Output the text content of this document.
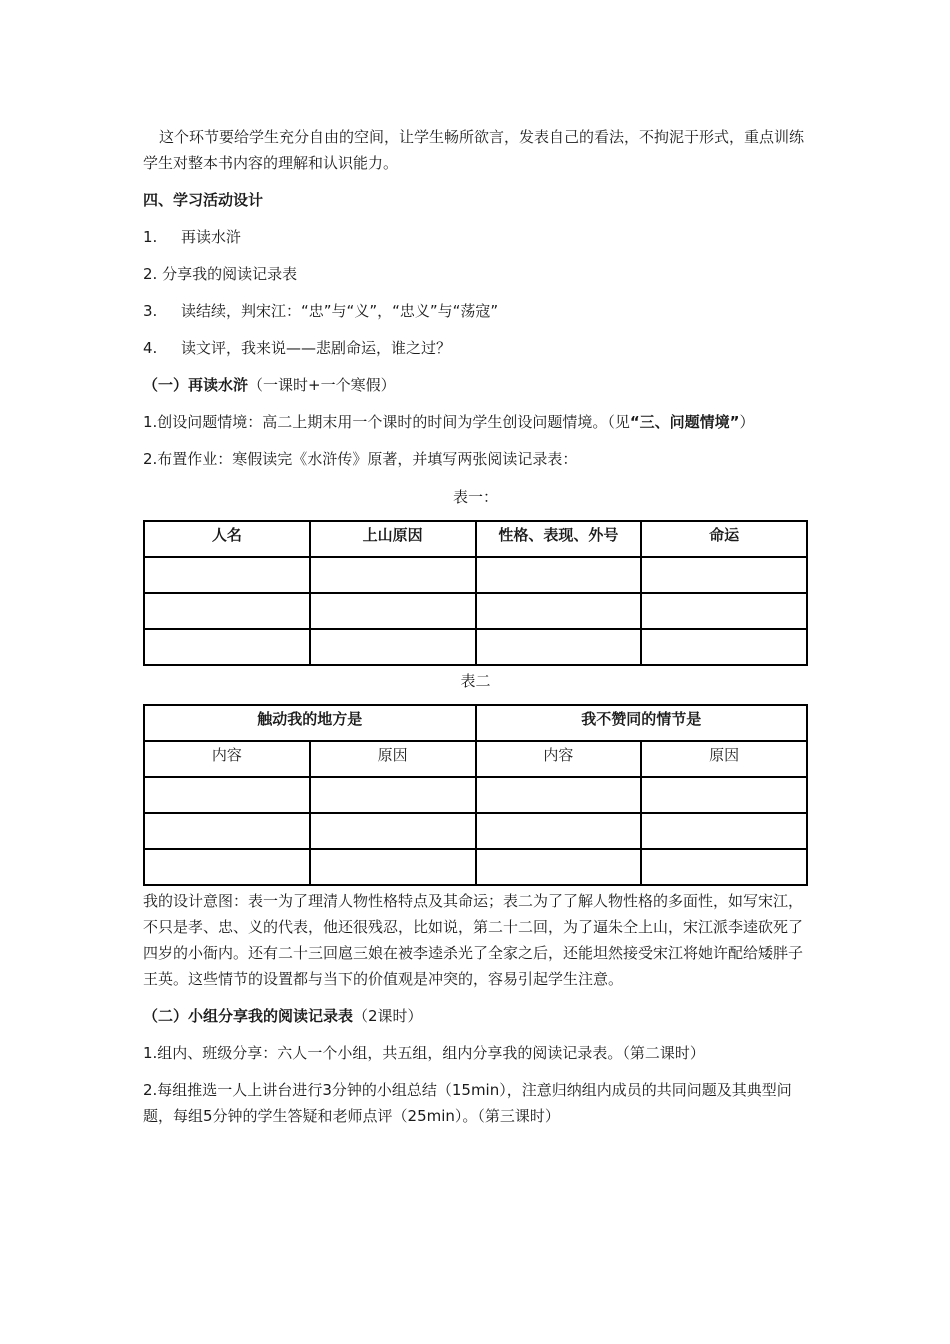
这个环节要给学生充分自由的空间，让学生畅所欲言，发表自己的看法，不拘泥于形式，重点训练学生对整本书内容的理解和认识能力。

四、学习活动设计

1. 再读水浒

2. 分享我的阅读记录表

3. 读结续，判宋江：“忠”与“义”，“忠义”与“荡寇”

4. 读文评，我来说——悲剧命运，谁之过？

（一）再读水浒（一课时+一个寒假）

1.创设问题情境：高二上期末用一个课时的时间为学生创设问题情境。（见“三、问题情境”）

2.布置作业：寒假读完《水浒传》原著，并填写两张阅读记录表：

表一：

人名	上山原因	性格、表现、外号	命运

表二

触动我的地方是		我不赞同的情节是	
内容	原因	内容	原因

我的设计意图：表一为了理清人物性格特点及其命运；表二为了了解人物性格的多面性，如写宋江，不只是孝、忠、义的代表，他还很残忍，比如说，第二十二回，为了逼朱仝上山，宋江派李逵砍死了四岁的小衙内。还有二十三回扈三娘在被李逵杀光了全家之后，还能坦然接受宋江将她许配给矮胖子王英。这些情节的设置都与当下的价值观是冲突的，容易引起学生注意。

（二）小组分享我的阅读记录表（2课时）

1.组内、班级分享：六人一个小组，共五组，组内分享我的阅读记录表。（第二课时）

2.每组推选一人上讲台进行3分钟的小组总结（15min），注意归纳组内成员的共同问题及其典型问题，每组5分钟的学生答疑和老师点评（25min）。（第三课时）
